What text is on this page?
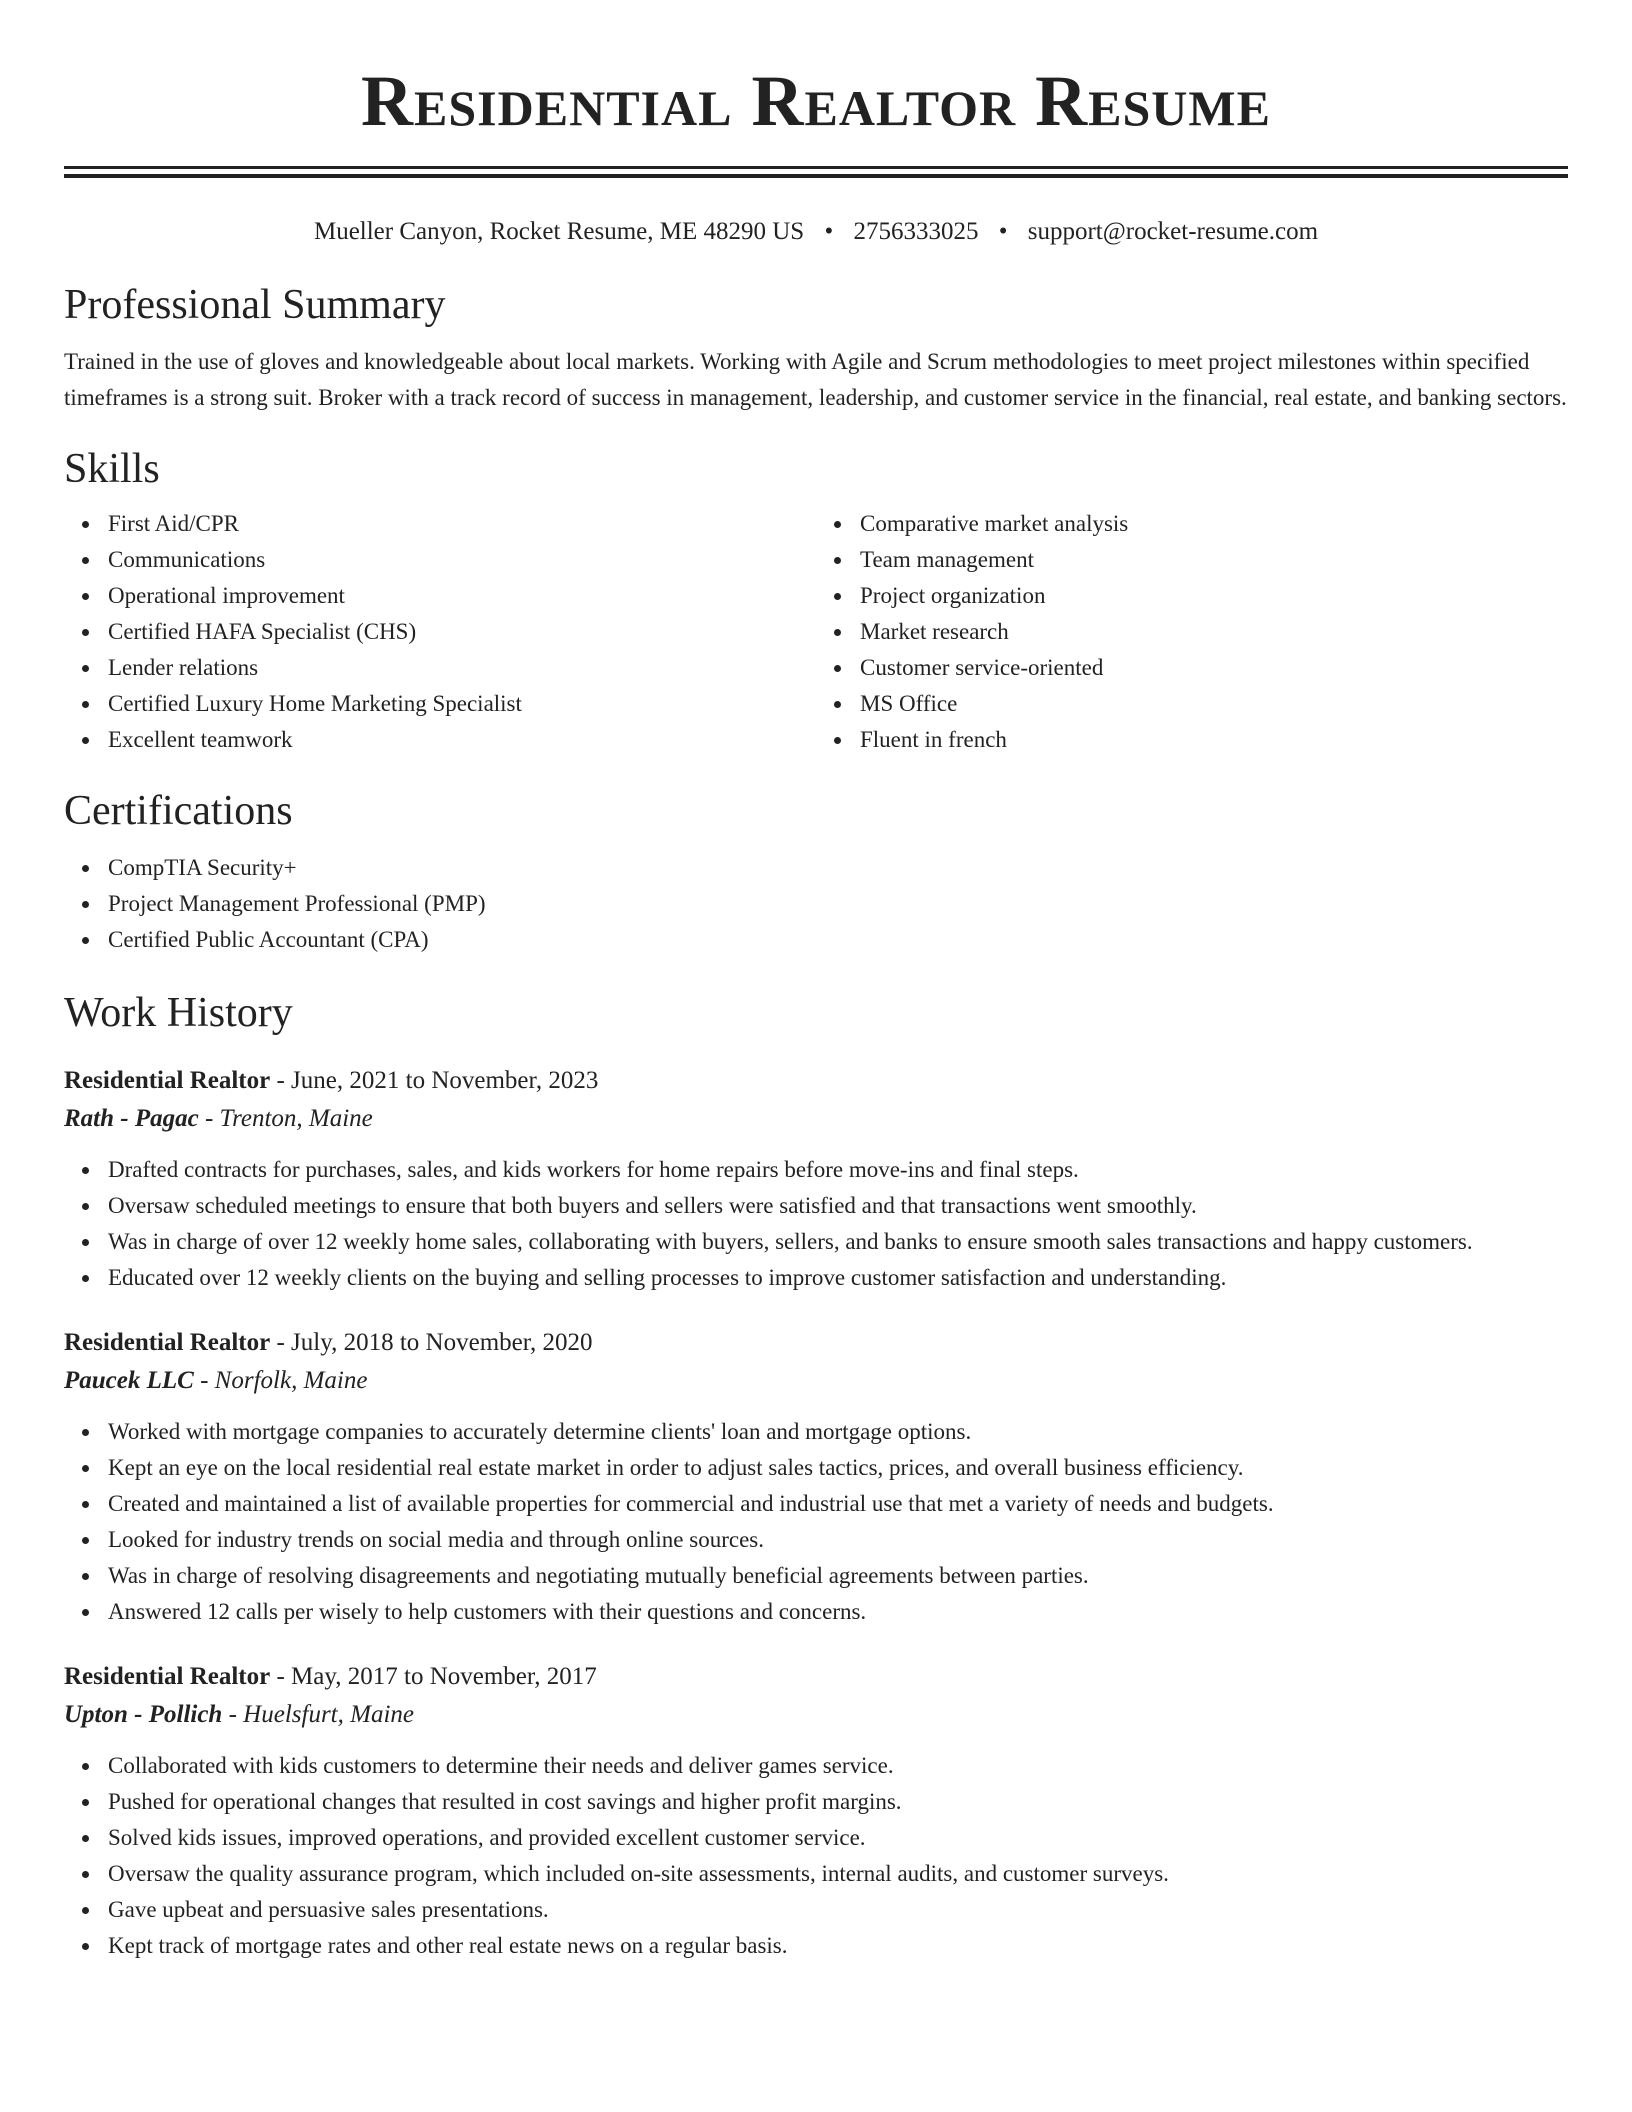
Residential Realtor Resume
Mueller Canyon, Rocket Resume, ME 48290 US • 2756333025 • support@rocket-resume.com
Professional Summary
Trained in the use of gloves and knowledgeable about local markets. Working with Agile and Scrum methodologies to meet project milestones within specified timeframes is a strong suit. Broker with a track record of success in management, leadership, and customer service in the financial, real estate, and banking sectors.
Skills
First Aid/CPR
Communications
Operational improvement
Certified HAFA Specialist (CHS)
Lender relations
Certified Luxury Home Marketing Specialist
Excellent teamwork
Comparative market analysis
Team management
Project organization
Market research
Customer service-oriented
MS Office
Fluent in french
Certifications
CompTIA Security+
Project Management Professional (PMP)
Certified Public Accountant (CPA)
Work History
Residential Realtor - June, 2021 to November, 2023
Rath - Pagac - Trenton, Maine
Drafted contracts for purchases, sales, and kids workers for home repairs before move-ins and final steps.
Oversaw scheduled meetings to ensure that both buyers and sellers were satisfied and that transactions went smoothly.
Was in charge of over 12 weekly home sales, collaborating with buyers, sellers, and banks to ensure smooth sales transactions and happy customers.
Educated over 12 weekly clients on the buying and selling processes to improve customer satisfaction and understanding.
Residential Realtor - July, 2018 to November, 2020
Paucek LLC - Norfolk, Maine
Worked with mortgage companies to accurately determine clients' loan and mortgage options.
Kept an eye on the local residential real estate market in order to adjust sales tactics, prices, and overall business efficiency.
Created and maintained a list of available properties for commercial and industrial use that met a variety of needs and budgets.
Looked for industry trends on social media and through online sources.
Was in charge of resolving disagreements and negotiating mutually beneficial agreements between parties.
Answered 12 calls per wisely to help customers with their questions and concerns.
Residential Realtor - May, 2017 to November, 2017
Upton - Pollich - Huelsfurt, Maine
Collaborated with kids customers to determine their needs and deliver games service.
Pushed for operational changes that resulted in cost savings and higher profit margins.
Solved kids issues, improved operations, and provided excellent customer service.
Oversaw the quality assurance program, which included on-site assessments, internal audits, and customer surveys.
Gave upbeat and persuasive sales presentations.
Kept track of mortgage rates and other real estate news on a regular basis.
